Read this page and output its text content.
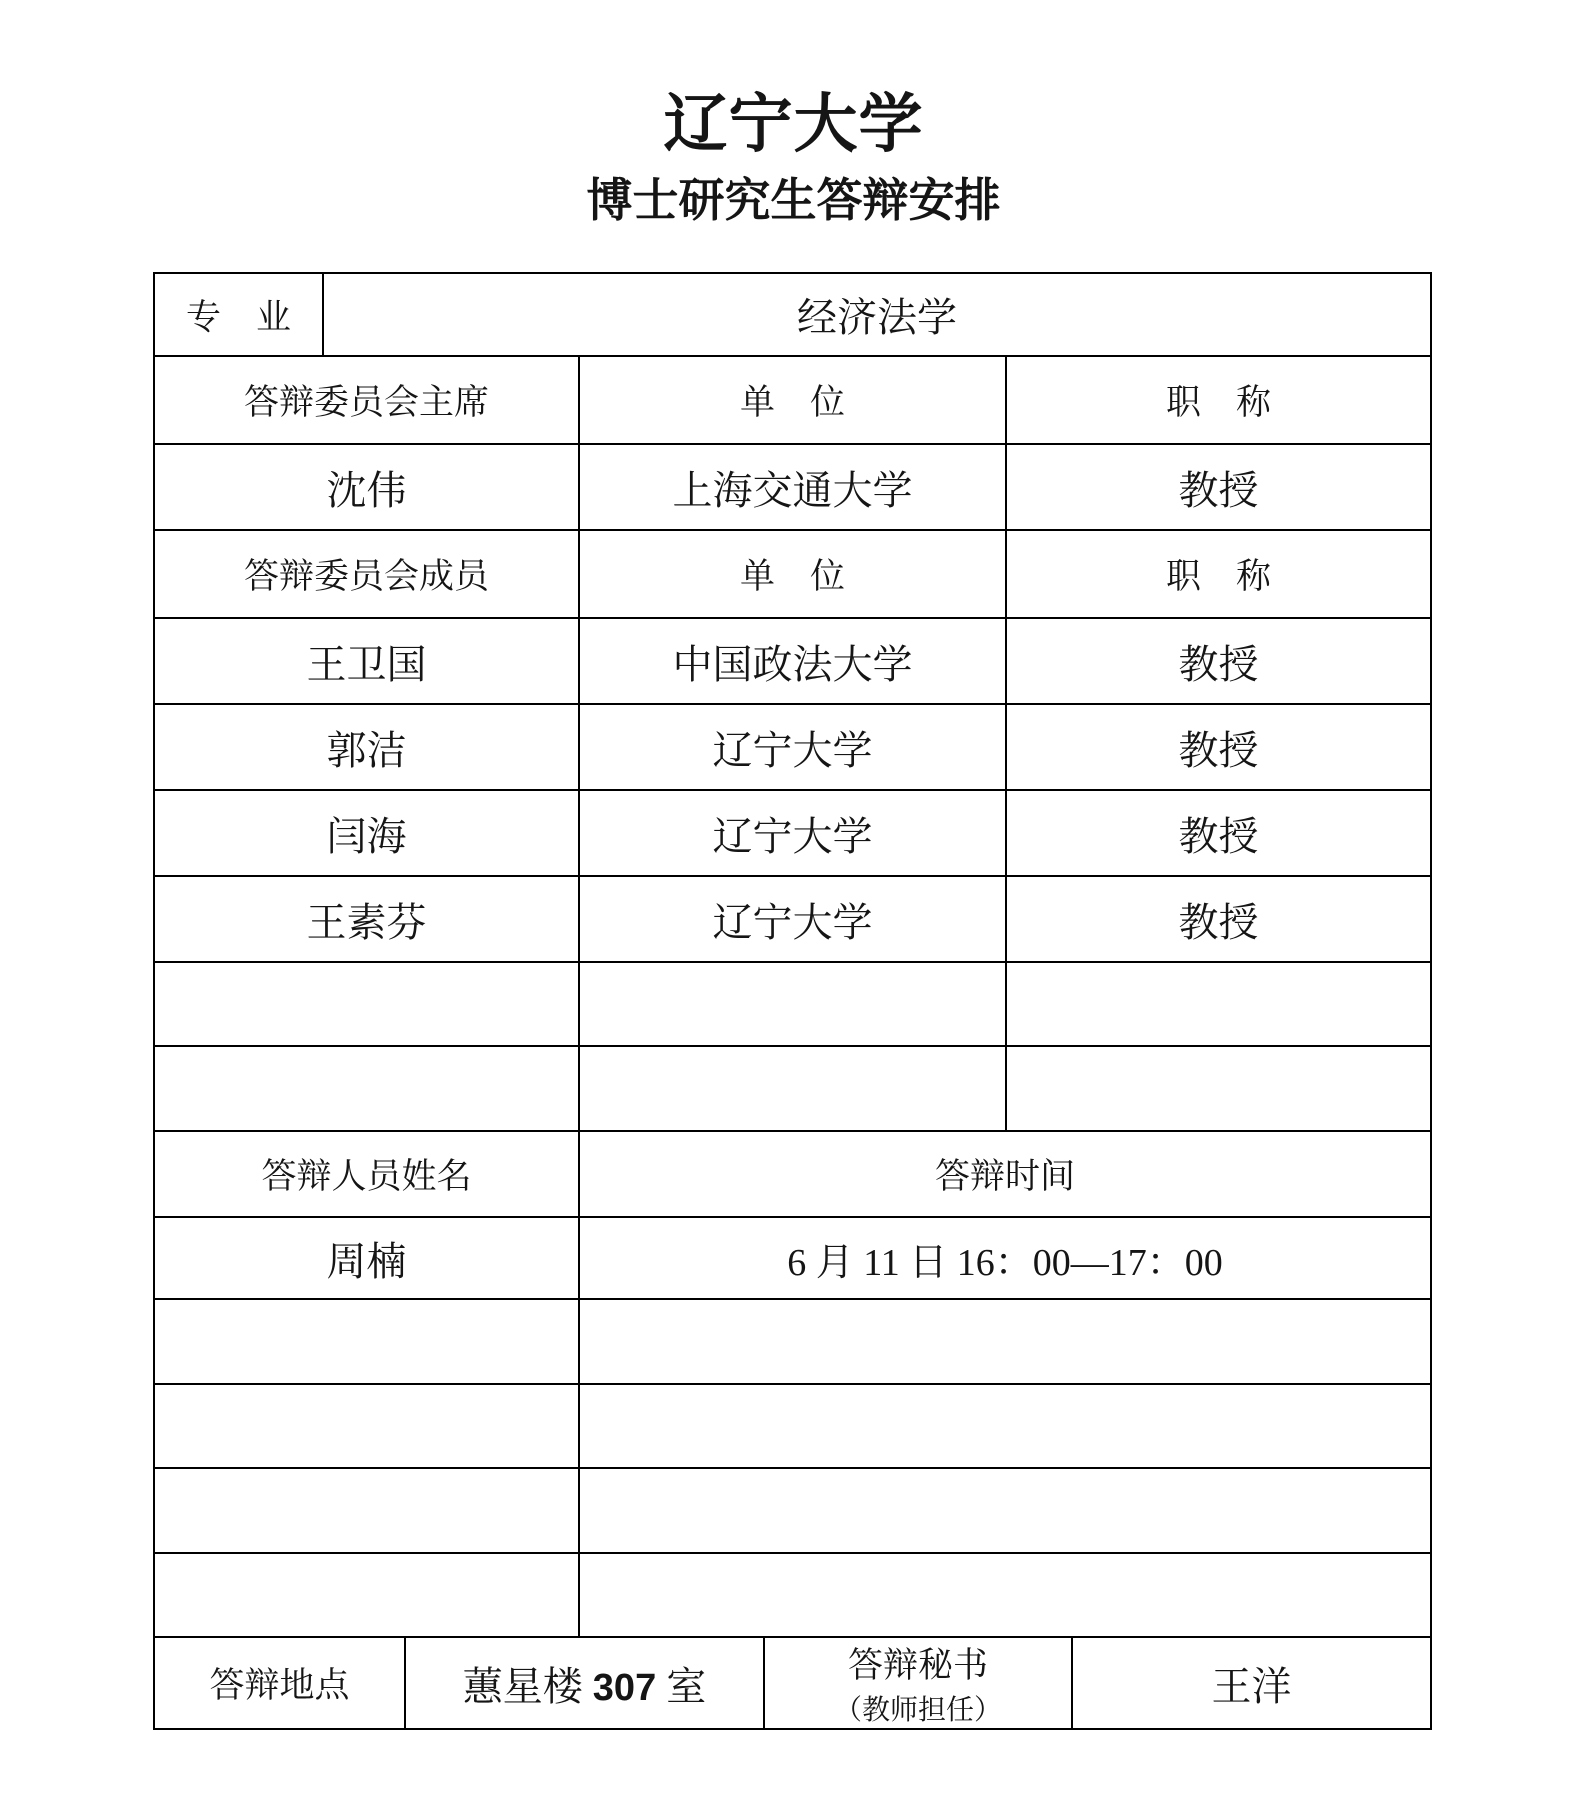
辽宁大学
博士研究生答辩安排
专　业	经济法学					
答辩委员会主席			单　位		职　称	
沈伟			上海交通大学		教授	
答辩委员会成员			单　位		职　称	
王卫国			中国政法大学		教授	
郭洁			辽宁大学		教授	
闫海			辽宁大学		教授	
王素芬			辽宁大学		教授	

答辩人员姓名			答辩时间			
周楠			6 月 11 日 16：00—17：00			

答辩地点		蕙星楼 307 室		答辩秘书（教师担任）		王洋
